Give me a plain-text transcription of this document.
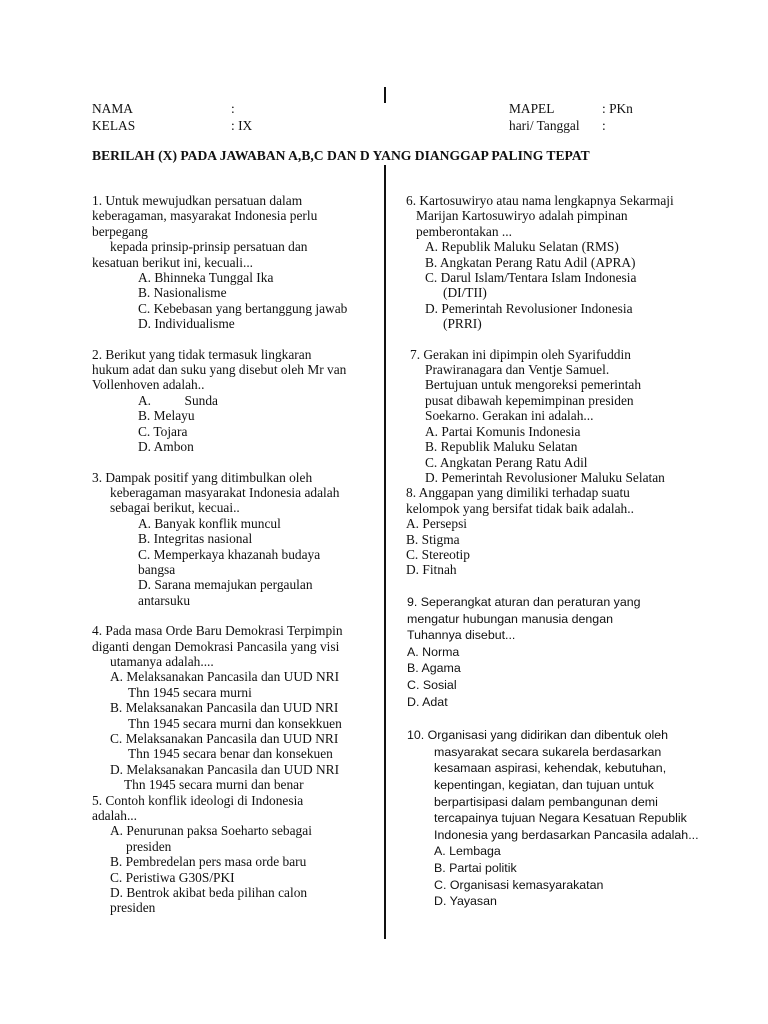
NAMA	:
KELAS	: IX
MAPEL	: PKn
hari/ Tanggal :
BERILAH (X) PADA JAWABAN A,B,C DAN D YANG DIANGGAP PALING TEPAT
1. Untuk mewujudkan persatuan dalam
keberagaman, masyarakat Indonesia perlu
berpegang
kepada prinsip-prinsip persatuan dan
kesatuan berikut ini, kecuali...
A. Bhinneka Tunggal Ika
B. Nasionalisme
C. Kebebasan yang bertanggung jawab
D. Individualisme
2. Berikut yang tidak termasuk lingkaran
hukum adat dan suku yang disebut oleh Mr van
Vollenhoven adalah..
A.          Sunda
B. Melayu
C. Tojara
D. Ambon
3. Dampak positif yang ditimbulkan oleh
keberagaman masyarakat Indonesia adalah
sebagai berikut, kecuai..
A. Banyak konflik muncul
B. Integritas nasional
C. Memperkaya khazanah budaya
bangsa
D. Sarana memajukan pergaulan
antarsuku
4. Pada masa Orde Baru Demokrasi Terpimpin
diganti dengan Demokrasi Pancasila yang visi
utamanya adalah....
A. Melaksanakan Pancasila dan UUD NRI
Thn 1945 secara murni
B. Melaksanakan Pancasila dan UUD NRI
Thn 1945 secara murni dan konsekkuen
C. Melaksanakan Pancasila dan UUD NRI
Thn 1945 secara benar dan konsekuen
D. Melaksanakan Pancasila dan UUD NRI
Thn 1945 secara murni dan benar
5. Contoh konflik ideologi di Indonesia
adalah...
A. Penurunan paksa Soeharto sebagai
presiden
B. Pembredelan pers masa orde baru
C. Peristiwa G30S/PKI
D. Bentrok akibat beda pilihan calon
presiden
6. Kartosuwiryo atau nama lengkapnya Sekarmaji
Marijan Kartosuwiryo adalah pimpinan
pemberontakan ...
A. Republik Maluku Selatan (RMS)
B. Angkatan Perang Ratu Adil (APRA)
C. Darul Islam/Tentara Islam Indonesia
(DI/TII)
D. Pemerintah Revolusioner Indonesia
(PRRI)
7. Gerakan ini dipimpin oleh Syarifuddin
Prawiranagara dan Ventje Samuel.
Bertujuan untuk mengoreksi pemerintah
pusat dibawah kepemimpinan presiden
Soekarno. Gerakan ini adalah...
A. Partai Komunis Indonesia
B. Republik Maluku Selatan
C. Angkatan Perang Ratu Adil
D. Pemerintah Revolusioner Maluku Selatan
8. Anggapan yang dimiliki terhadap suatu
kelompok yang bersifat tidak baik adalah..
A. Persepsi
B. Stigma
C. Stereotip
D. Fitnah
9. Seperangkat aturan dan peraturan yang
mengatur hubungan manusia dengan
Tuhannya disebut...
A. Norma
B. Agama
C. Sosial
D. Adat
10. Organisasi yang didirikan dan dibentuk oleh
masyarakat secara sukarela berdasarkan
kesamaan aspirasi, kehendak, kebutuhan,
kepentingan, kegiatan, dan tujuan untuk
berpartisipasi dalam pembangunan demi
tercapainya tujuan Negara Kesatuan Republik
Indonesia yang berdasarkan Pancasila adalah...
A. Lembaga
B. Partai politik
C. Organisasi kemasyarakatan
D. Yayasan
